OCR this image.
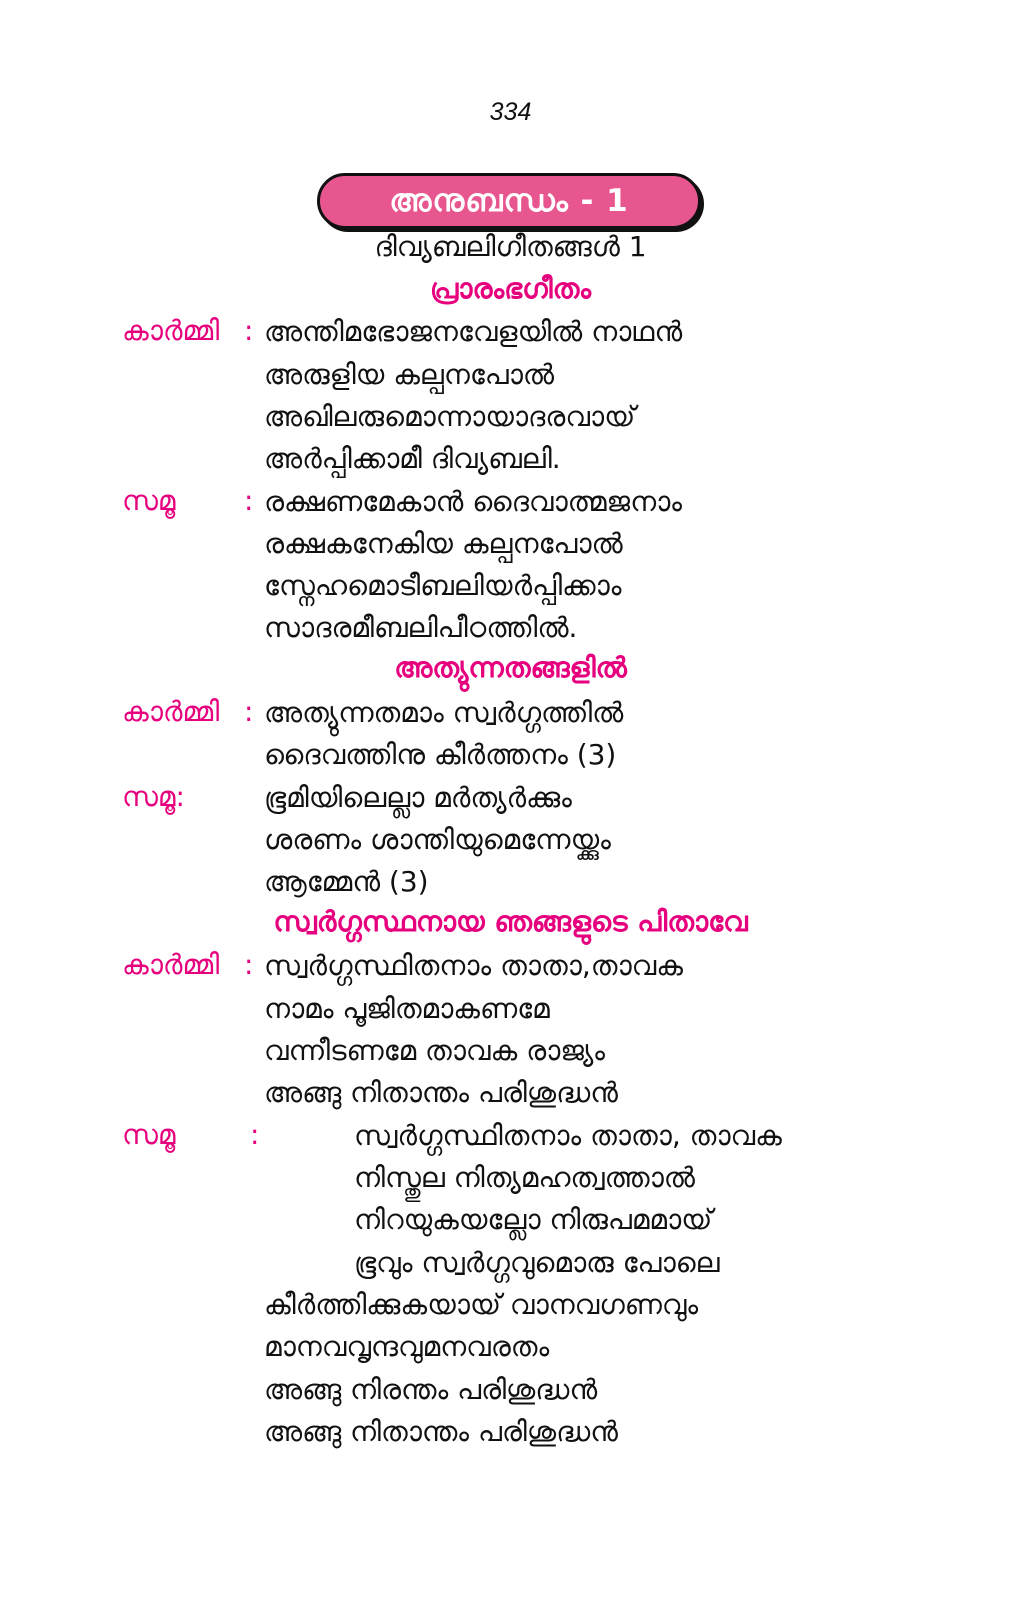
334
അനുബന്ധം - 1
ദിവ്യബലിഗീതങ്ങൾ 1
പ്രാരംഭഗീതം
കാർമ്മി : അന്തിമഭോജനവേളയിൽ നാഥൻ
അരുളിയ കല്പനപോൽ
അഖിലരുമൊന്നായാദരവായ്
അർപ്പിക്കാമീ ദിവ്യബലി.
സമൂ : രക്ഷണമേകാൻ ദൈവാത്മജനാം
രക്ഷകനേകിയ കല്പനപോൽ
സ്നേഹമൊടീബലിയർപ്പിക്കാം
സാദരമീബലിപീഠത്തിൽ.
അത്യുന്നതങ്ങളിൽ
കാർമ്മി : അത്യുന്നതമാം സ്വർഗ്ഗത്തിൽ
ദൈവത്തിനു കീർത്തനം (3)
സമൂ:	ഭൂമിയിലെല്ലാ മർത്യർക്കും
ശരണം ശാന്തിയുമെന്നേയ്ക്കും
ആമ്മേൻ (3)
സ്വർഗ്ഗസ്ഥനായ ഞങ്ങളുടെ പിതാവേ
കാർമ്മി : സ്വർഗ്ഗസ്ഥിതനാം താതാ,താവക
നാമം പൂജിതമാകണമേ
വന്നീടണമേ താവക രാജ്യം
അങ്ങു നിതാന്തം പരിശുദ്ധൻ
സമൂ	:	സ്വർഗ്ഗസ്ഥിതനാം താതാ, താവക
നിസ്തുല നിത്യമഹത്വത്താൽ
നിറയുകയല്ലോ നിരുപമമായ്
ഭൂവും സ്വർഗ്ഗവുമൊരു പോലെ
കീർത്തിക്കുകയായ് വാനവഗണവും
മാനവവൃന്ദവുമനവരതം
അങ്ങു നിരന്തം പരിശുദ്ധൻ
അങ്ങു നിതാന്തം പരിശുദ്ധൻ
